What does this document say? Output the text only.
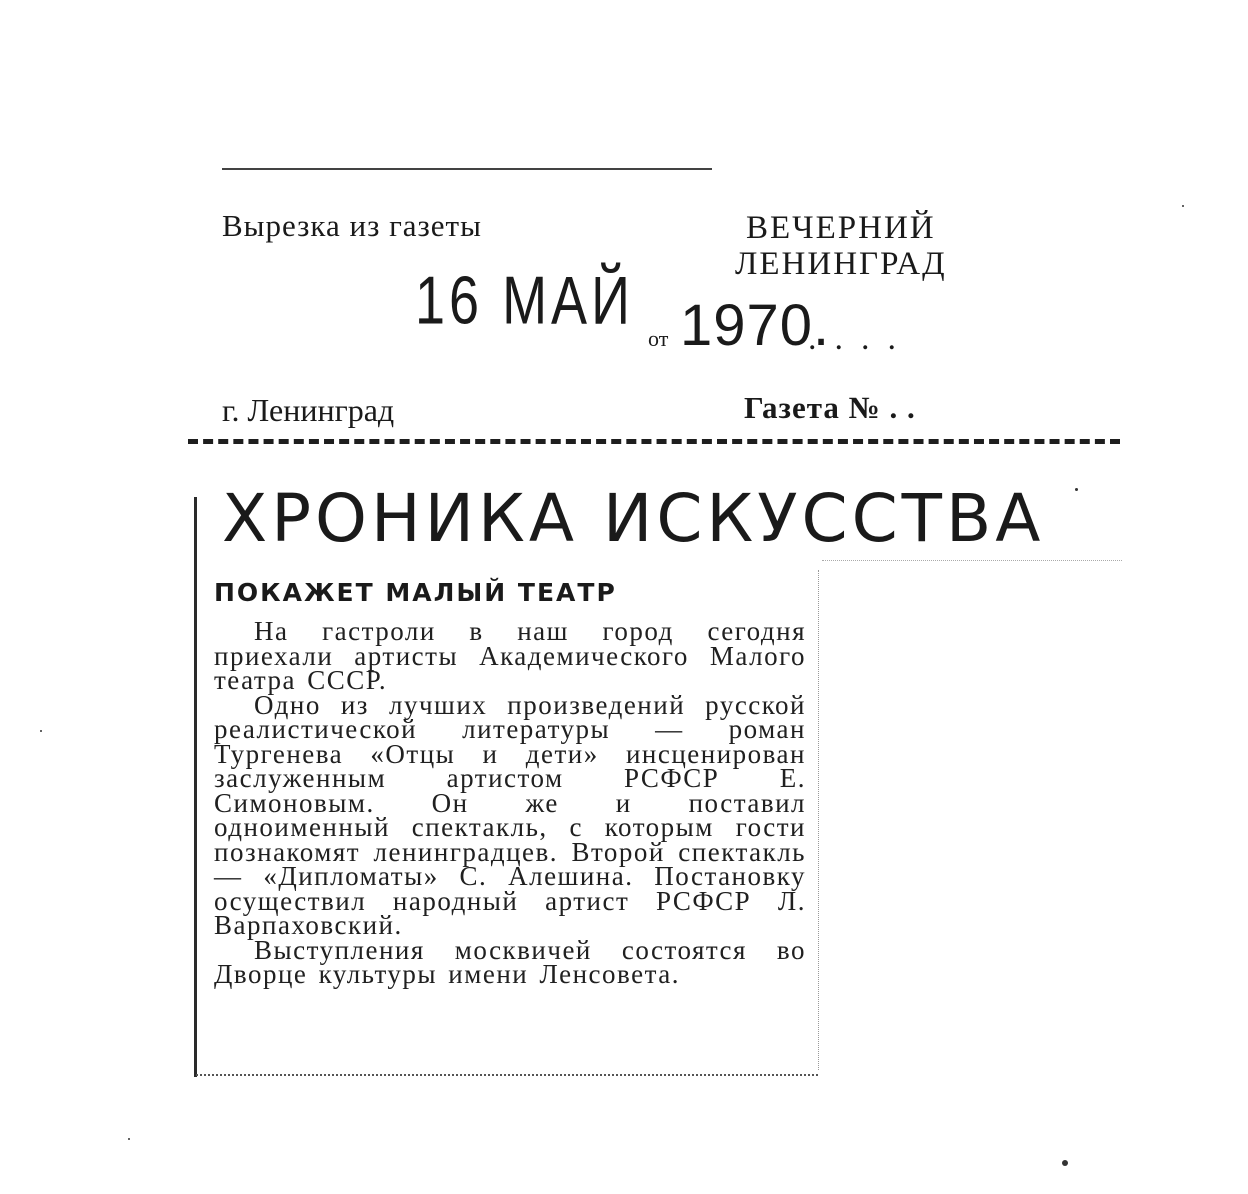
Вырезка из газеты	ВЕЧЕРНИЙ
ЛЕНИНГРАД
16 МАЙ
от 1970.
....
г. Ленинград	Газета № . .
ХРОНИКА ИСКУССТВА
ПОКАЖЕТ МАЛЫЙ ТЕАТР

На гастроли в наш город сегодня приехали артисты Академического Малого театра СССР.

Одно из лучших произведений русской реалистической литературы — роман Тургенева «Отцы и дети» инсценирован заслуженным артистом РСФСР Е. Симоновым. Он же и поставил одноименный спектакль, с которым гости познакомят ленинградцев. Второй спектакль — «Дипломаты» С. Алешина. Постановку осуществил народный артист РСФСР Л. Варпаховский.

Выступления москвичей состоятся во Дворце культуры имени Ленсовета.
